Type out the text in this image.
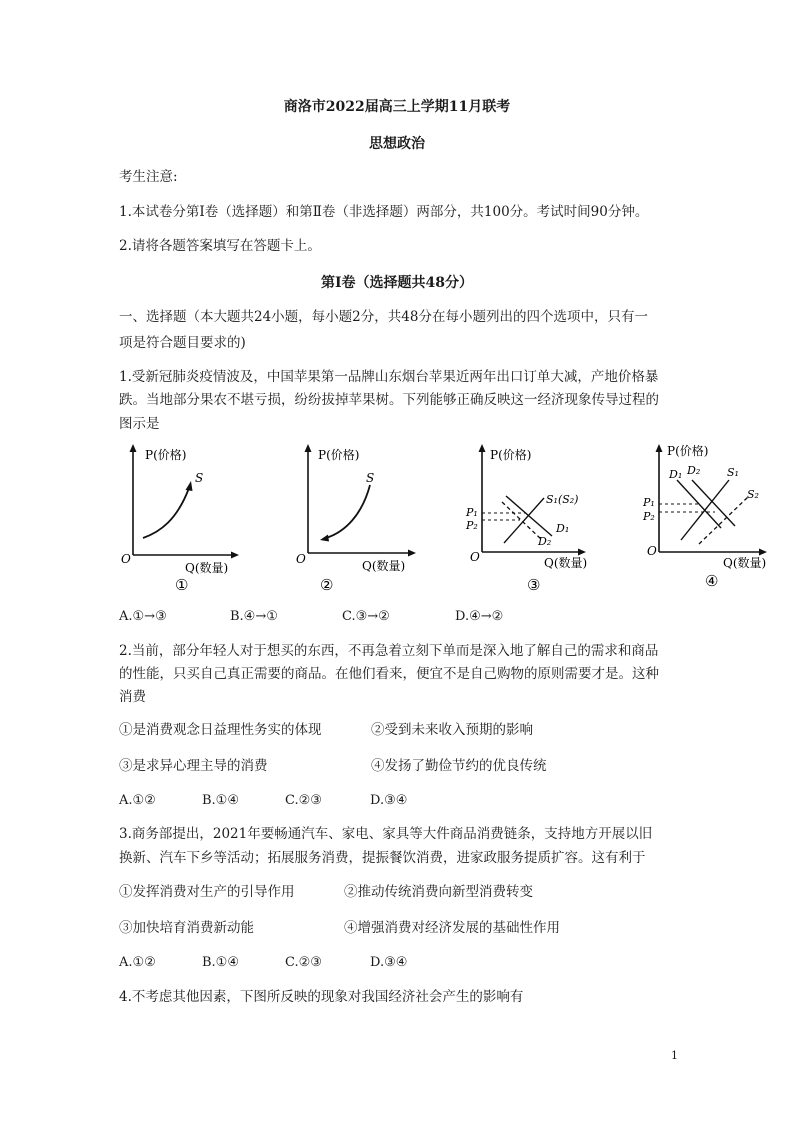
商洛市2022届高三上学期11月联考
思想政治
考生注意:
1.本试卷分第Ⅰ卷（选择题）和第Ⅱ卷（非选择题）两部分，共100分。考试时间90分钟。
2.请将各题答案填写在答题卡上。
第Ⅰ卷（选择题共48分）
一、选择题（本大题共24小题，每小题2分，共48分在每小题列出的四个选项中，只有一
项是符合题目要求的)
1.受新冠肺炎疫情波及，中国苹果第一品牌山东烟台苹果近两年出口订单大减，产地价格暴
跌。当地部分果农不堪亏损，纷纷拔掉苹果树。下列能够正确反映这一经济现象传导过程的
图示是
P(价格)
S
O
Q(数量)
①
P(价格)
S
O	Q(数量)
②
P(价格)
S₁(S₂)
D₁
D₂
P₁
P₂
O	Q(数量)
③
P(价格)
D₁ D₂ S₁
S₂
P₁
P₂
O
Q(数量)
④
A.①→③	B.④→①	C.③→②	D.④→②
2.当前，部分年轻人对于想买的东西，不再急着立刻下单而是深入地了解自己的需求和商品
的性能，只买自己真正需要的商品。在他们看来，便宜不是自己购物的原则需要才是。这种
消费
①是消费观念日益理性务实的体现	②受到未来收入预期的影响
③是求异心理主导的消费	④发扬了勤俭节约的优良传统
A.①②	B.①④	C.②③	D.③④
3.商务部提出，2021年要畅通汽车、家电、家具等大件商品消费链条，支持地方开展以旧
换新、汽车下乡等活动；拓展服务消费，提振餐饮消费，进家政服务提质扩容。这有利于
①发挥消费对生产的引导作用	②推动传统消费向新型消费转变
③加快培育消费新动能	④增强消费对经济发展的基础性作用
A.①②	B.①④	C.②③	D.③④
4.不考虑其他因素，下图所反映的现象对我国经济社会产生的影响有
1
